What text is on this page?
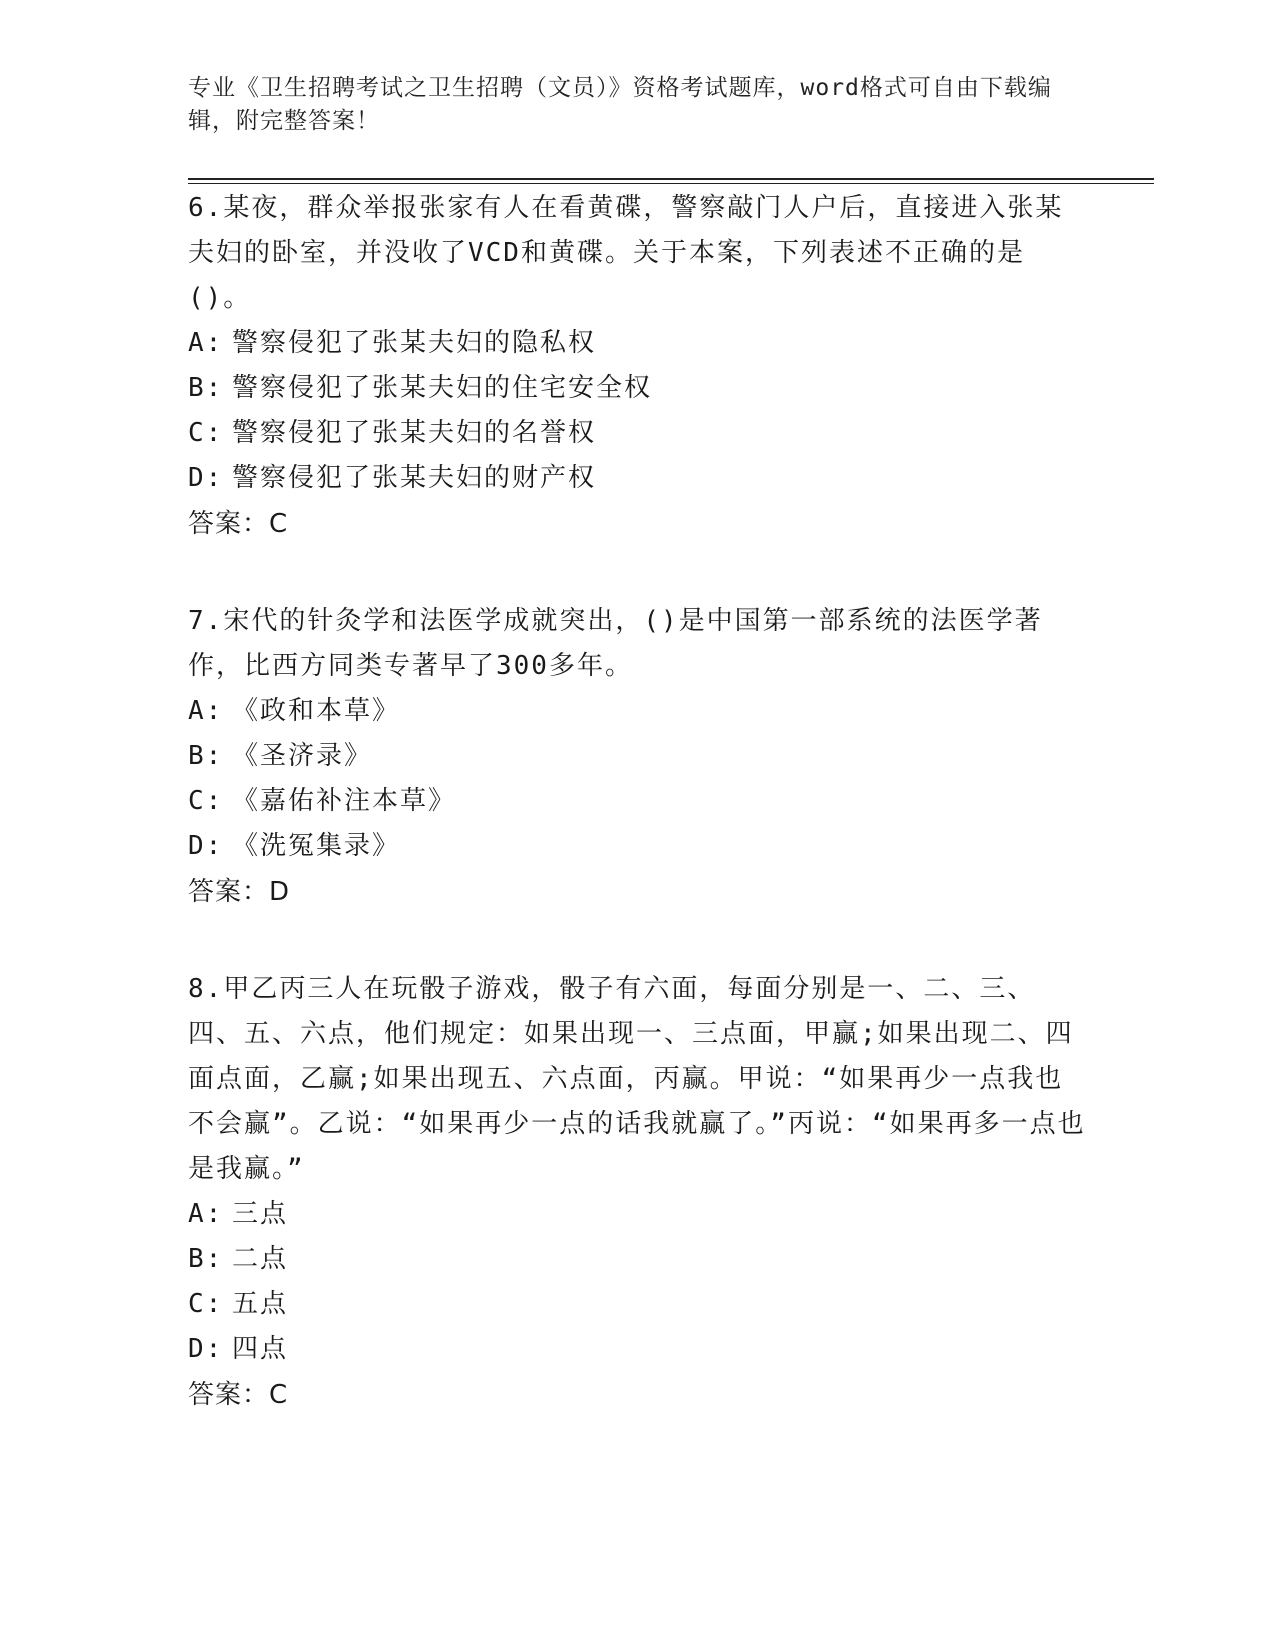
专业《卫生招聘考试之卫生招聘（文员）》资格考试题库，word格式可自由下载编辑，附完整答案！

6.某夜，群众举报张家有人在看黄碟，警察敲门人户后，直接进入张某夫妇的卧室，并没收了VCD和黄碟。关于本案，下列表述不正确的是()。

A: 警察侵犯了张某夫妇的隐私权

B: 警察侵犯了张某夫妇的住宅安全权

C: 警察侵犯了张某夫妇的名誉权

D: 警察侵犯了张某夫妇的财产权

答案：C

7.宋代的针灸学和法医学成就突出，()是中国第一部系统的法医学著作，比西方同类专著早了300多年。

A: 《政和本草》

B: 《圣济录》

C: 《嘉佑补注本草》

D: 《洗冤集录》

答案：D

8.甲乙丙三人在玩骰子游戏，骰子有六面，每面分别是一、二、三、四、五、六点，他们规定：如果出现一、三点面，甲赢;如果出现二、四面点面，乙赢;如果出现五、六点面，丙赢。甲说：“如果再少一点我也不会赢”。乙说：“如果再少一点的话我就赢了。”丙说：“如果再多一点也是我赢。”

A: 三点

B: 二点

C: 五点

D: 四点

答案：C
